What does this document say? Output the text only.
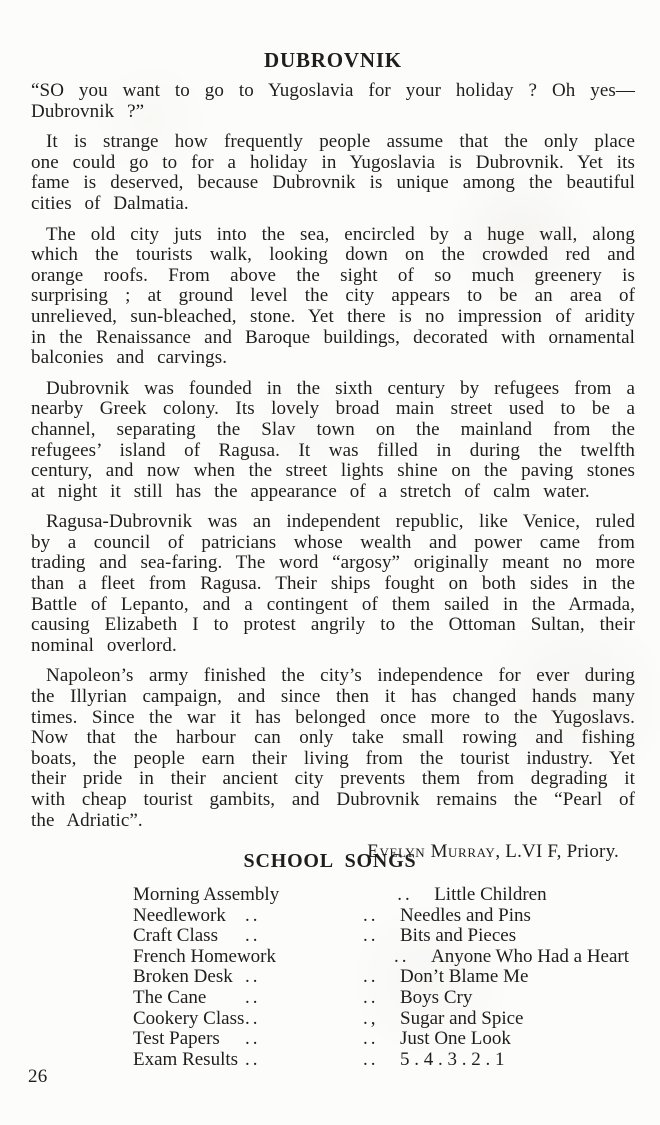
DUBROVNIK

“SO you want to go to Yugoslavia for your holiday ? Oh yes—Dubrovnik ?”

It is strange how frequently people assume that the only place one could go to for a holiday in Yugoslavia is Dubrovnik. Yet its fame is deserved, because Dubrovnik is unique among the beautiful cities of Dalmatia.

The old city juts into the sea, encircled by a huge wall, along which the tourists walk, looking down on the crowded red and orange roofs. From above the sight of so much greenery is surprising ; at ground level the city appears to be an area of unrelieved, sun-bleached, stone. Yet there is no impression of aridity in the Renaissance and Baroque buildings, decorated with ornamental balconies and carvings.

Dubrovnik was founded in the sixth century by refugees from a nearby Greek colony. Its lovely broad main street used to be a channel, separating the Slav town on the mainland from the refugees’ island of Ragusa. It was filled in during the twelfth century, and now when the street lights shine on the paving stones at night it still has the appearance of a stretch of calm water.

Ragusa-Dubrovnik was an independent republic, like Venice, ruled by a council of patricians whose wealth and power came from trading and sea-faring. The word “argosy” originally meant no more than a fleet from Ragusa. Their ships fought on both sides in the Battle of Lepanto, and a contingent of them sailed in the Armada, causing Elizabeth I to protest angrily to the Ottoman Sultan, their nominal overlord.

Napoleon’s army finished the city’s independence for ever during the Illyrian campaign, and since then it has changed hands many times. Since the war it has belonged once more to the Yugoslavs. Now that the harbour can only take small rowing and fishing boats, the people earn their living from the tourist industry. Yet their pride in their ancient city prevents them from degrading it with cheap tourist gambits, and Dubrovnik remains the “Pearl of the Adriatic”.

Evelyn Murray, L.VI F, Priory.
SCHOOL SONGS
Morning Assembly	..	Little Children
Needlework	..	..	Needles and Pins
Craft Class	..	..	Bits and Pieces
French Homework	..	Anyone Who Had a Heart
Broken Desk ..	..	Don’t Blame Me
The Cane	..	..	Boys Cry
Cookery Class ..	.,	Sugar and Spice
Test Papers	..	..	Just One Look
Exam Results ..	..	5 . 4 . 3 . 2 . 1
26
